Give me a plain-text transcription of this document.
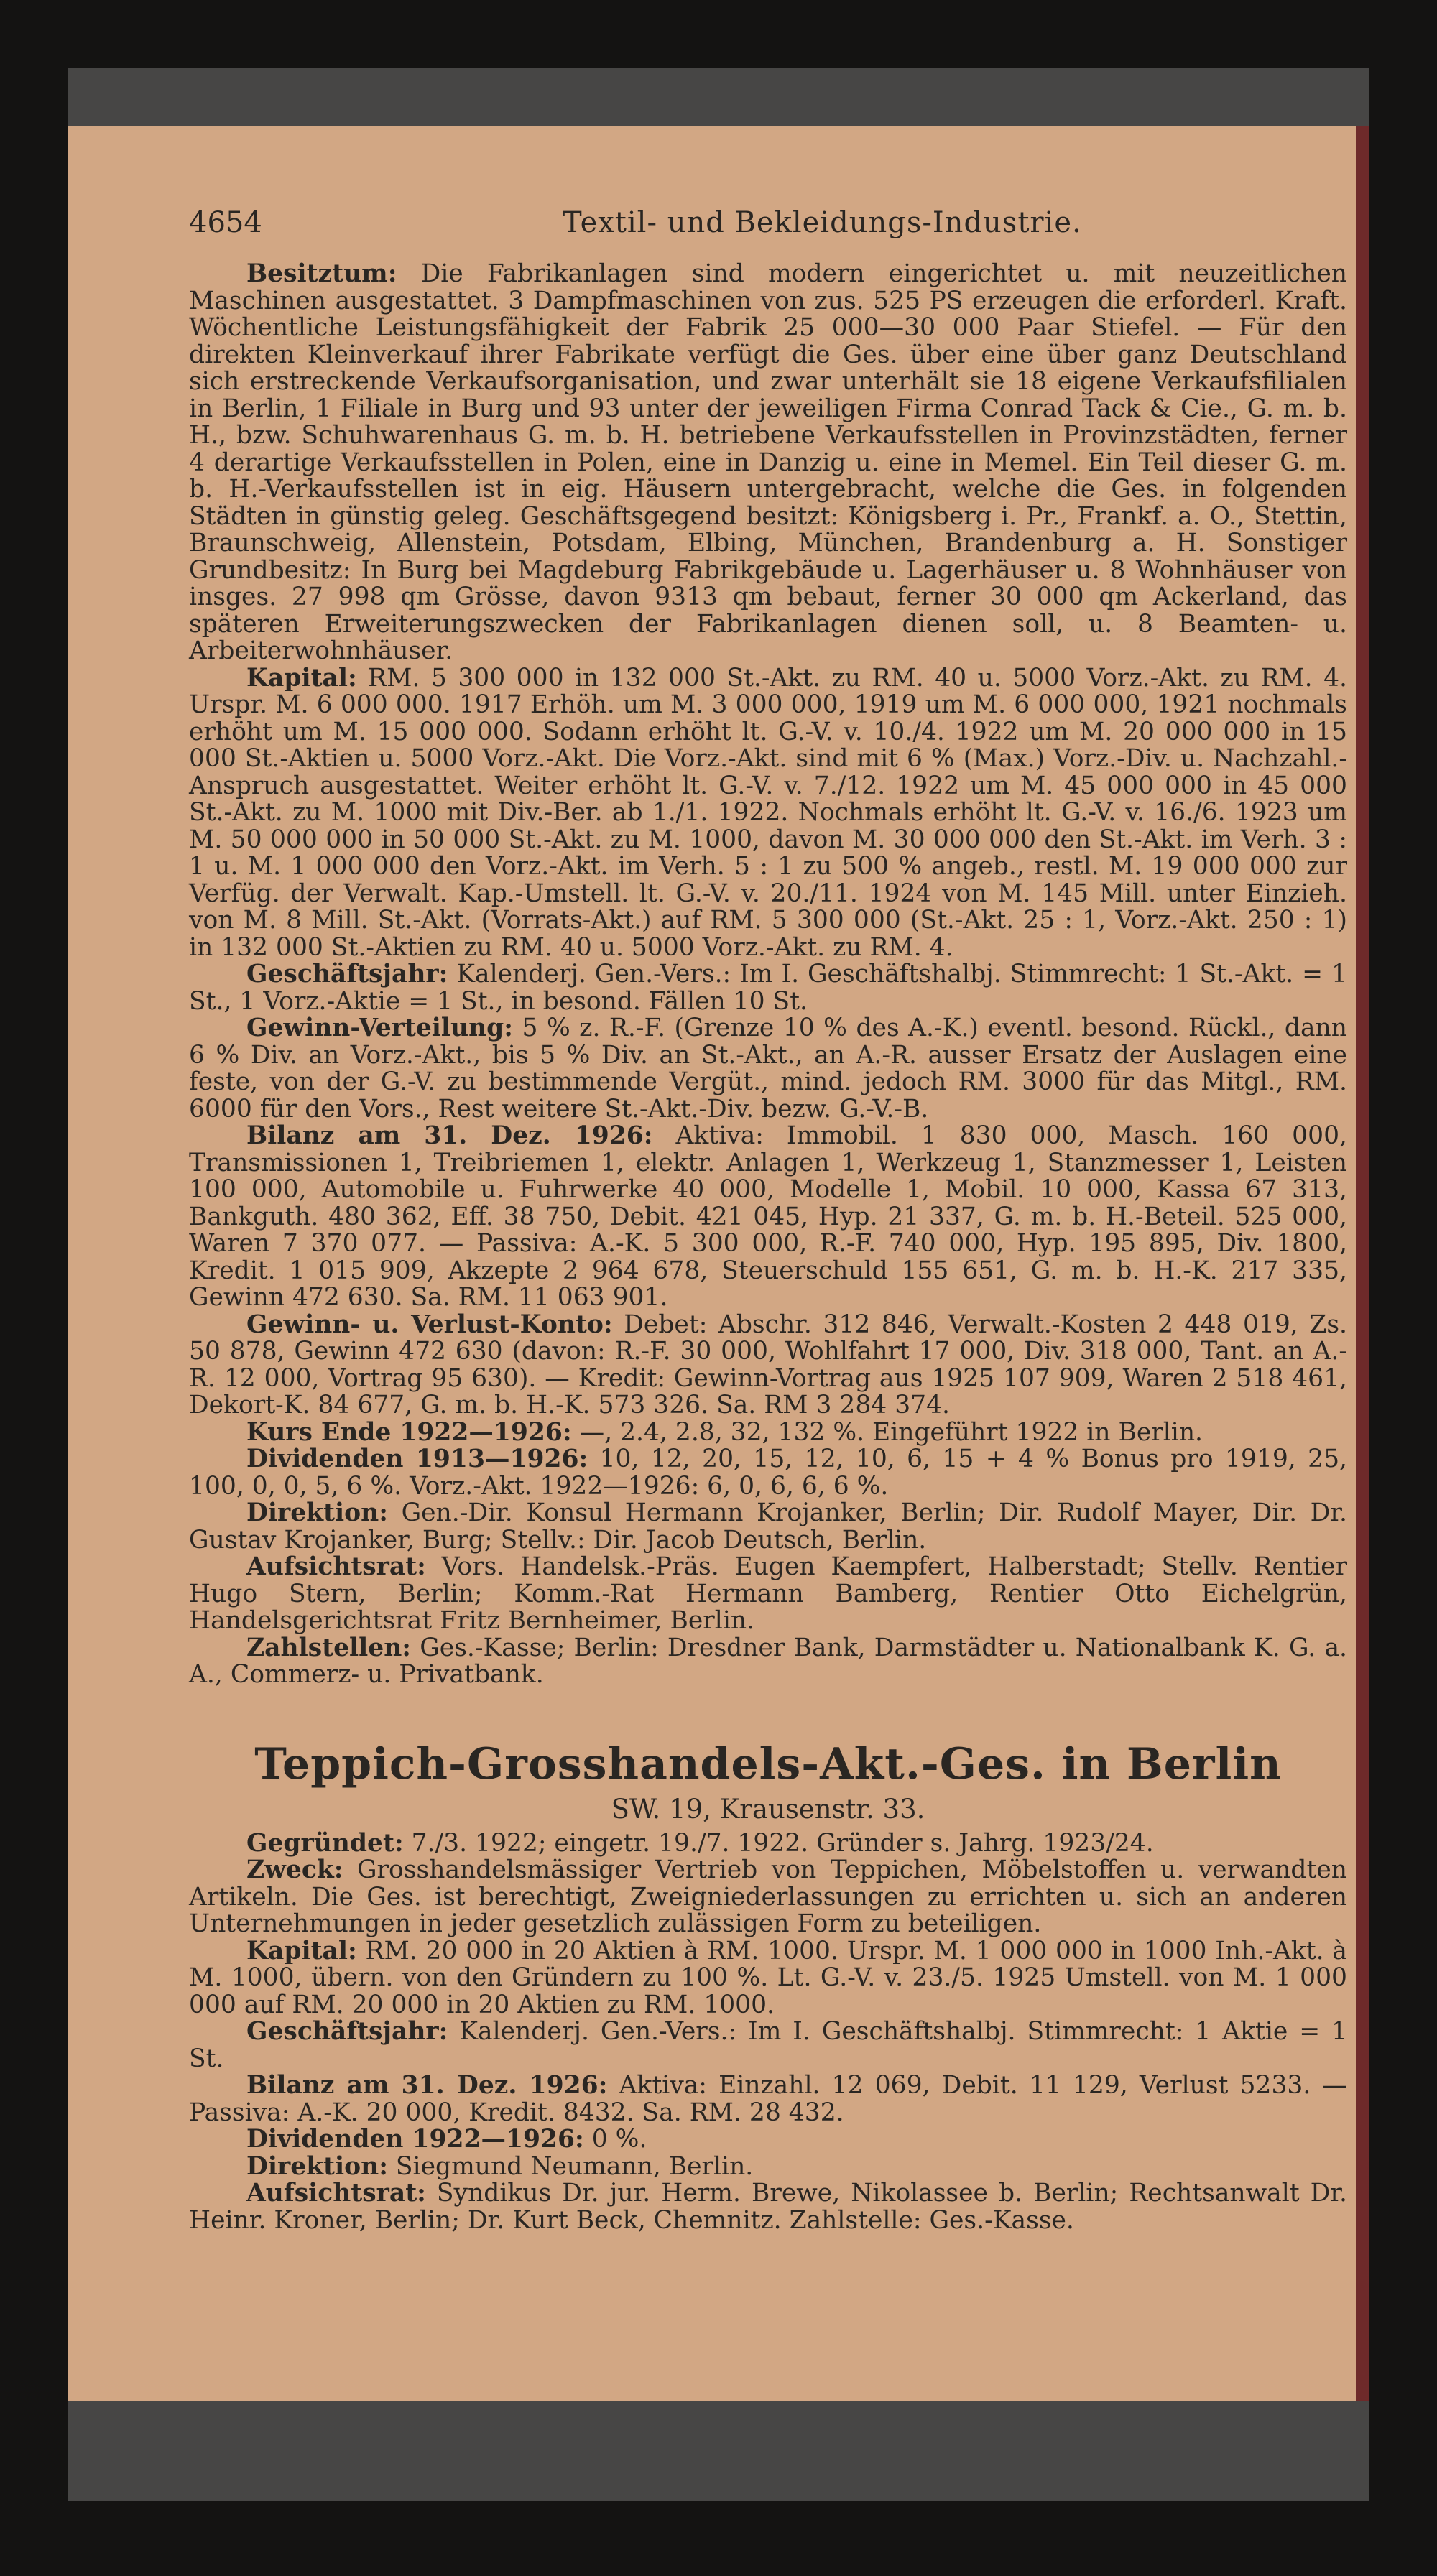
4654	Textil- und Bekleidungs-Industrie.

Besitztum: Die Fabrikanlagen sind modern eingerichtet u. mit neuzeitlichen Maschinen ausgestattet. 3 Dampfmaschinen von zus. 525 PS erzeugen die erforderl. Kraft. Wöchentliche Leistungsfähigkeit der Fabrik 25 000—30 000 Paar Stiefel. — Für den direkten Kleinverkauf ihrer Fabrikate verfügt die Ges. über eine über ganz Deutschland sich erstreckende Verkaufsorganisation, und zwar unterhält sie 18 eigene Verkaufsfilialen in Berlin, 1 Filiale in Burg und 93 unter der jeweiligen Firma Conrad Tack & Cie., G. m. b. H., bzw. Schuhwarenhaus G. m. b. H. betriebene Verkaufsstellen in Provinzstädten, ferner 4 derartige Verkaufsstellen in Polen, eine in Danzig u. eine in Memel. Ein Teil dieser G. m. b. H.-Verkaufsstellen ist in eig. Häusern untergebracht, welche die Ges. in folgenden Städten in günstig geleg. Geschäftsgegend besitzt: Königsberg i. Pr., Frankf. a. O., Stettin, Braunschweig, Allenstein, Potsdam, Elbing, München, Brandenburg a. H. Sonstiger Grundbesitz: In Burg bei Magdeburg Fabrikgebäude u. Lagerhäuser u. 8 Wohnhäuser von insges. 27 998 qm Grösse, davon 9313 qm bebaut, ferner 30 000 qm Ackerland, das späteren Erweiterungszwecken der Fabrikanlagen dienen soll, u. 8 Beamten- u. Arbeiterwohnhäuser.

Kapital: RM. 5 300 000 in 132 000 St.-Akt. zu RM. 40 u. 5000 Vorz.-Akt. zu RM. 4. Urspr. M. 6 000 000. 1917 Erhöh. um M. 3 000 000, 1919 um M. 6 000 000, 1921 nochmals erhöht um M. 15 000 000. Sodann erhöht lt. G.-V. v. 10./4. 1922 um M. 20 000 000 in 15 000 St.-Aktien u. 5000 Vorz.-Akt. Die Vorz.-Akt. sind mit 6 % (Max.) Vorz.-Div. u. Nachzahl.-Anspruch ausgestattet. Weiter erhöht lt. G.-V. v. 7./12. 1922 um M. 45 000 000 in 45 000 St.-Akt. zu M. 1000 mit Div.-Ber. ab 1./1. 1922. Nochmals erhöht lt. G.-V. v. 16./6. 1923 um M. 50 000 000 in 50 000 St.-Akt. zu M. 1000, davon M. 30 000 000 den St.-Akt. im Verh. 3 : 1 u. M. 1 000 000 den Vorz.-Akt. im Verh. 5 : 1 zu 500 % angeb., restl. M. 19 000 000 zur Verfüg. der Verwalt. Kap.-Umstell. lt. G.-V. v. 20./11. 1924 von M. 145 Mill. unter Einzieh. von M. 8 Mill. St.-Akt. (Vorrats-Akt.) auf RM. 5 300 000 (St.-Akt. 25 : 1, Vorz.-Akt. 250 : 1) in 132 000 St.-Aktien zu RM. 40 u. 5000 Vorz.-Akt. zu RM. 4.

Geschäftsjahr: Kalenderj. Gen.-Vers.: Im I. Geschäftshalbj. Stimmrecht: 1 St.-Akt. = 1 St., 1 Vorz.-Aktie = 1 St., in besond. Fällen 10 St.

Gewinn-Verteilung: 5 % z. R.-F. (Grenze 10 % des A.-K.) eventl. besond. Rückl., dann 6 % Div. an Vorz.-Akt., bis 5 % Div. an St.-Akt., an A.-R. ausser Ersatz der Auslagen eine feste, von der G.-V. zu bestimmende Vergüt., mind. jedoch RM. 3000 für das Mitgl., RM. 6000 für den Vors., Rest weitere St.-Akt.-Div. bezw. G.-V.-B.

Bilanz am 31. Dez. 1926: Aktiva: Immobil. 1 830 000, Masch. 160 000, Transmissionen 1, Treibriemen 1, elektr. Anlagen 1, Werkzeug 1, Stanzmesser 1, Leisten 100 000, Automobile u. Fuhrwerke 40 000, Modelle 1, Mobil. 10 000, Kassa 67 313, Bankguth. 480 362, Eff. 38 750, Debit. 421 045, Hyp. 21 337, G. m. b. H.-Beteil. 525 000, Waren 7 370 077. — Passiva: A.-K. 5 300 000, R.-F. 740 000, Hyp. 195 895, Div. 1800, Kredit. 1 015 909, Akzepte 2 964 678, Steuerschuld 155 651, G. m. b. H.-K. 217 335, Gewinn 472 630. Sa. RM. 11 063 901.

Gewinn- u. Verlust-Konto: Debet: Abschr. 312 846, Verwalt.-Kosten 2 448 019, Zs. 50 878, Gewinn 472 630 (davon: R.-F. 30 000, Wohlfahrt 17 000, Div. 318 000, Tant. an A.-R. 12 000, Vortrag 95 630). — Kredit: Gewinn-Vortrag aus 1925 107 909, Waren 2 518 461, Dekort-K. 84 677, G. m. b. H.-K. 573 326. Sa. RM 3 284 374.

Kurs Ende 1922—1926: —, 2.4, 2.8, 32, 132 %. Eingeführt 1922 in Berlin.

Dividenden 1913—1926: 10, 12, 20, 15, 12, 10, 6, 15 + 4 % Bonus pro 1919, 25, 100, 0, 0, 5, 6 %. Vorz.-Akt. 1922—1926: 6, 0, 6, 6, 6 %.

Direktion: Gen.-Dir. Konsul Hermann Krojanker, Berlin; Dir. Rudolf Mayer, Dir. Dr. Gustav Krojanker, Burg; Stellv.: Dir. Jacob Deutsch, Berlin.

Aufsichtsrat: Vors. Handelsk.-Präs. Eugen Kaempfert, Halberstadt; Stellv. Rentier Hugo Stern, Berlin; Komm.-Rat Hermann Bamberg, Rentier Otto Eichelgrün, Handelsgerichtsrat Fritz Bernheimer, Berlin.

Zahlstellen: Ges.-Kasse; Berlin: Dresdner Bank, Darmstädter u. Nationalbank K. G. a. A., Commerz- u. Privatbank.

Teppich-Grosshandels-Akt.-Ges. in Berlin
SW. 19, Krausenstr. 33.

Gegründet: 7./3. 1922; eingetr. 19./7. 1922. Gründer s. Jahrg. 1923/24.

Zweck: Grosshandelsmässiger Vertrieb von Teppichen, Möbelstoffen u. verwandten Artikeln. Die Ges. ist berechtigt, Zweigniederlassungen zu errichten u. sich an anderen Unternehmungen in jeder gesetzlich zulässigen Form zu beteiligen.

Kapital: RM. 20 000 in 20 Aktien à RM. 1000. Urspr. M. 1 000 000 in 1000 Inh.-Akt. à M. 1000, übern. von den Gründern zu 100 %. Lt. G.-V. v. 23./5. 1925 Umstell. von M. 1 000 000 auf RM. 20 000 in 20 Aktien zu RM. 1000.

Geschäftsjahr: Kalenderj. Gen.-Vers.: Im I. Geschäftshalbj. Stimmrecht: 1 Aktie = 1 St.

Bilanz am 31. Dez. 1926: Aktiva: Einzahl. 12 069, Debit. 11 129, Verlust 5233. — Passiva: A.-K. 20 000, Kredit. 8432. Sa. RM. 28 432.

Dividenden 1922—1926: 0 %.

Direktion: Siegmund Neumann, Berlin.

Aufsichtsrat: Syndikus Dr. jur. Herm. Brewe, Nikolassee b. Berlin; Rechtsanwalt Dr. Heinr. Kroner, Berlin; Dr. Kurt Beck, Chemnitz. Zahlstelle: Ges.-Kasse.
